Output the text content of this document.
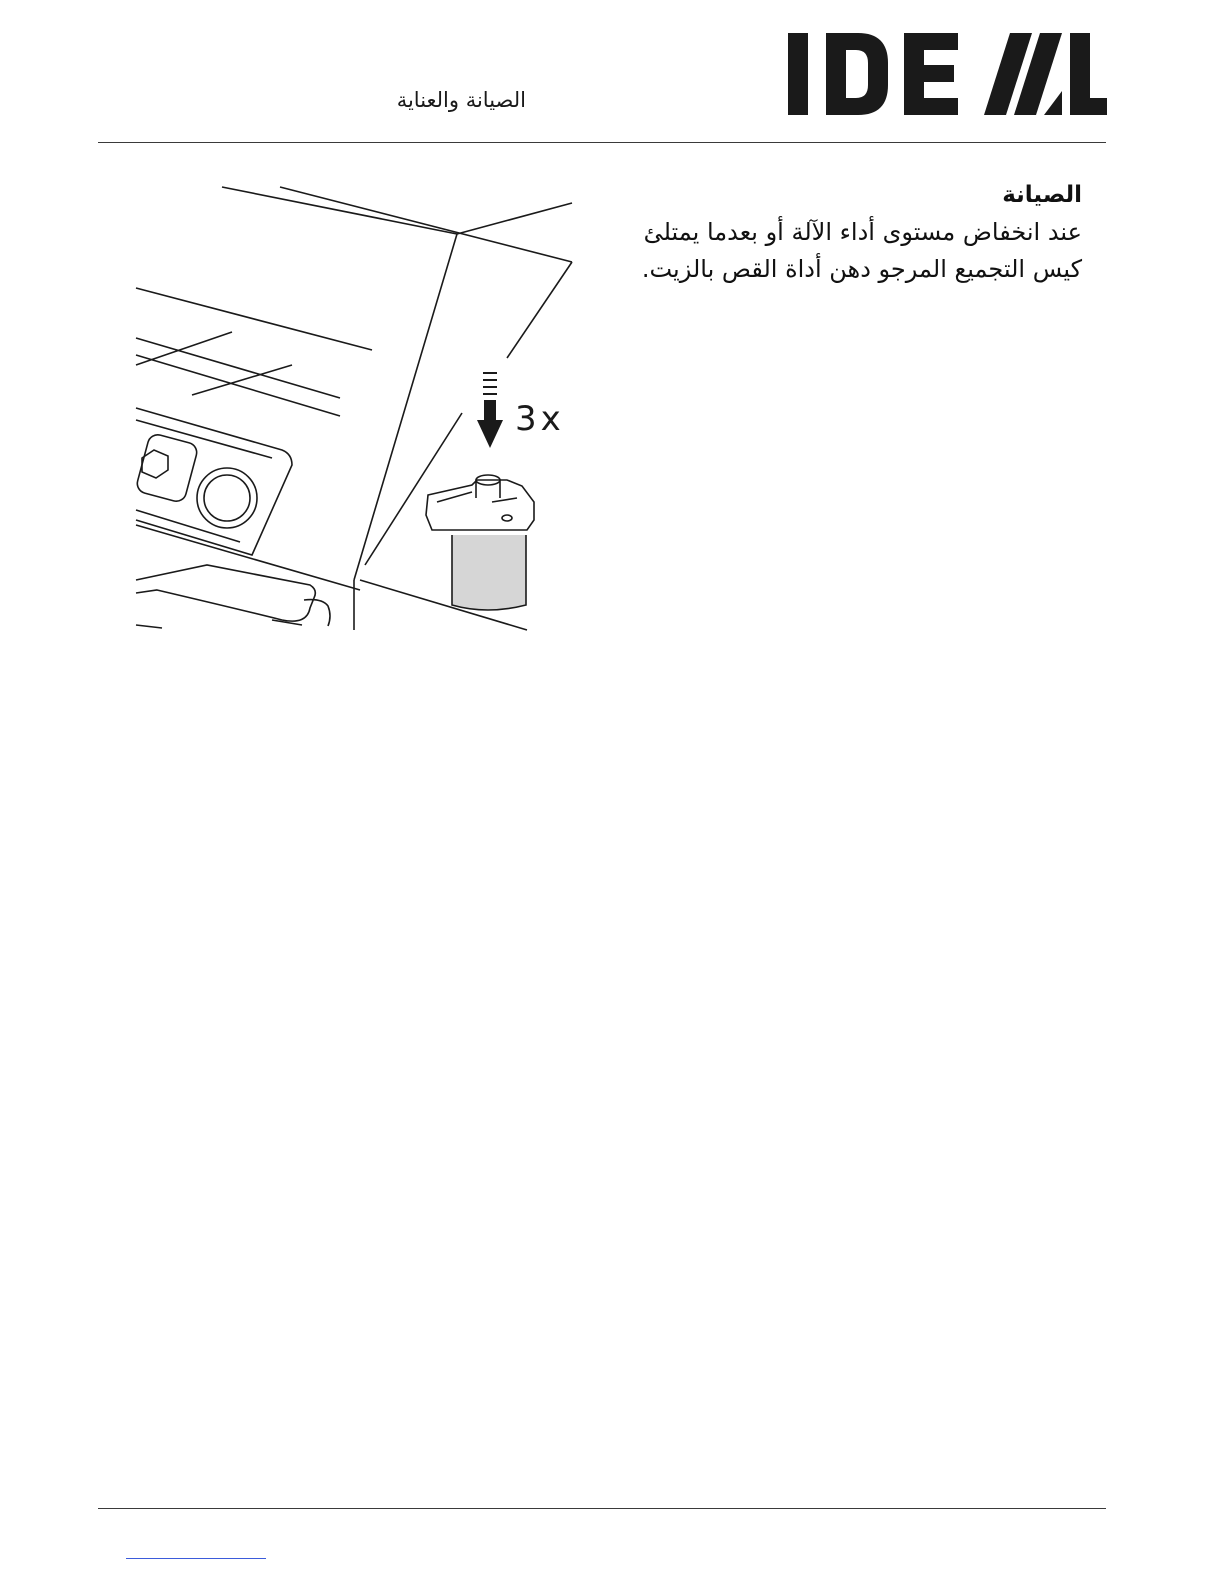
الصيانة والعناية
3x
الصيانة

عند انخفاض مستوى أداء الآلة أو بعدما يمتلئ كيس التجميع المرجو دهن أداة القص بالزيت.
